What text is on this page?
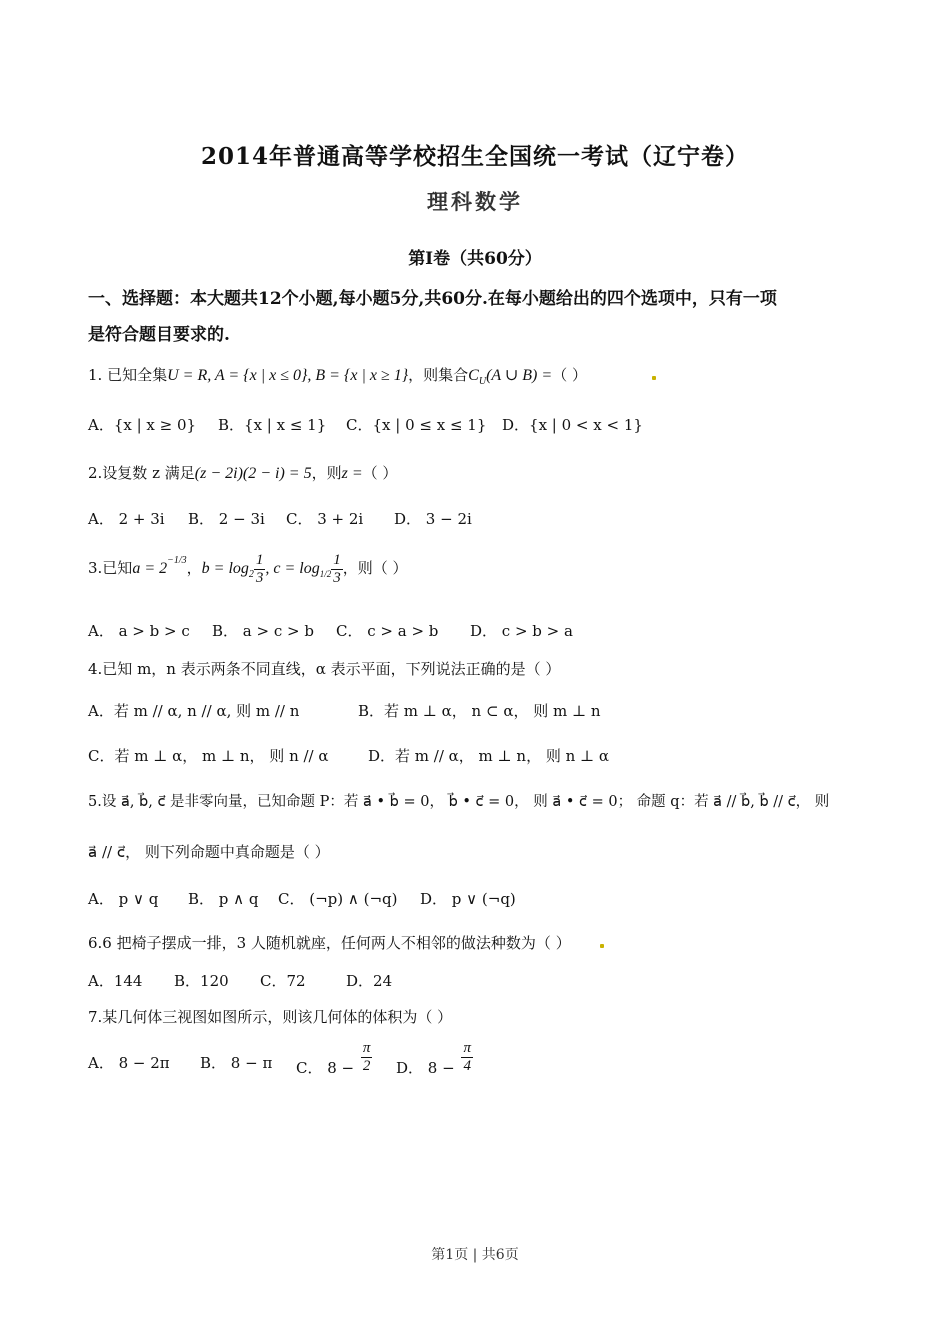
2014年普通高等学校招生全国统一考试（辽宁卷）
理科数学
第Ⅰ卷（共60分）
一、选择题：本大题共12个小题,每小题5分,共60分.在每小题给出的四个选项中，只有一项
是符合题目要求的.
1. 已知全集U = R, A = {x | x ≤ 0}, B = {x | x ≥ 1}，则集合$C_U(A$ ∪ B) =（ ）
A．{x | x ≥ 0} B．{x | x ≤ 1} C．{x | 0 ≤ x ≤ 1} D．{x | 0 < x < 1}
2.设复数 z 满足(z − 2i)(2 − i) = 5，则z =（ ）
A． 2 + 3i B． 2 − 3i C． 3 + 2i D． 3 − 2i
3.已知$a = 2^{-1/3}$，$b = \log_2 \frac{1}{3}$ , $c = \log_{1/2} \frac{1}{3}$ ，则（ ）
A． a > b > c B． a > c > b C． c > a > b D． c > b > a
4.已知 m，n 表示两条不同直线，α 表示平面，下列说法正确的是（ ）
A．若 m // α, n // α, 则 m // n	B．若 m ⊥ α， n ⊂ α， 则 m ⊥ n
C．若 m ⊥ α， m ⊥ n， 则 n // α	D．若 m // α， m ⊥ n， 则 n ⊥ α
5.设 a⃗, b⃗, c⃗ 是非零向量，已知命题 P：若 a⃗ • b⃗ = 0， b⃗ • c⃗ = 0， 则 a⃗ • c⃗ = 0； 命题 q：若 a⃗ // b⃗, b⃗ // c⃗， 则
a⃗ // c⃗， 则下列命题中真命题是（ ）
A． p ∨ q B． p ∧ q C． (¬p) ∧ (¬q) D． p ∨ (¬q)
6.6 把椅子摆成一排，3 人随机就座，任何两人不相邻的做法种数为（ ）
A．144 B．120 C．72	D．24
7.某几何体三视图如图所示，则该几何体的体积为（ ）
A． 8 − 2π B． 8 − π C． $8 - \frac{\pi}{2}$ D． $8 - \frac{\pi}{4}$
第1页 | 共6页
